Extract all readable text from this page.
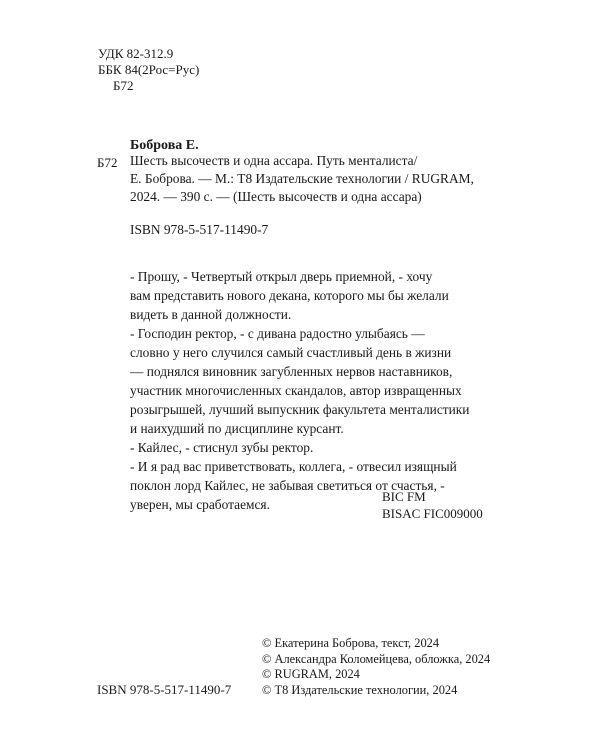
УДК 82-312.9

ББК 84(2Рос=Рус)

Б72

Боброва Е.

Б72 Шесть высочеств и одна ассара. Путь менталиста/

Е. Боброва. — М.: Т8 Издательские технологии / RUGRAM,

2024. — 390 с. — (Шесть высочеств и одна ассара)

ISBN 978-5-517-11490-7

- Прошу, - Четвертый открыл дверь приемной, - хочу

вам представить нового декана, которого мы бы желали

видеть в данной должности.

- Господин ректор, - с дивана радостно улыбаясь —

словно у него случился самый счастливый день в жизни

— поднялся виновник загубленных нервов наставников,

участник многочисленных скандалов, автор извращенных

розыгрышей, лучший выпускник факультета менталистики

и наихудший по дисциплине курсант.

- Кайлес, - стиснул зубы ректор.

- И я рад вас приветствовать, коллега, - отвесил изящный

поклон лорд Кайлес, не забывая светиться от счастья, -

уверен, мы сработаемся.

BIC FM

BISAC FIC009000

© Екатерина Боброва, текст, 2024

© Александра Коломейцева, обложка, 2024

© RUGRAM, 2024

© Т8 Издательские технологии, 2024

ISBN 978-5-517-11490-7
